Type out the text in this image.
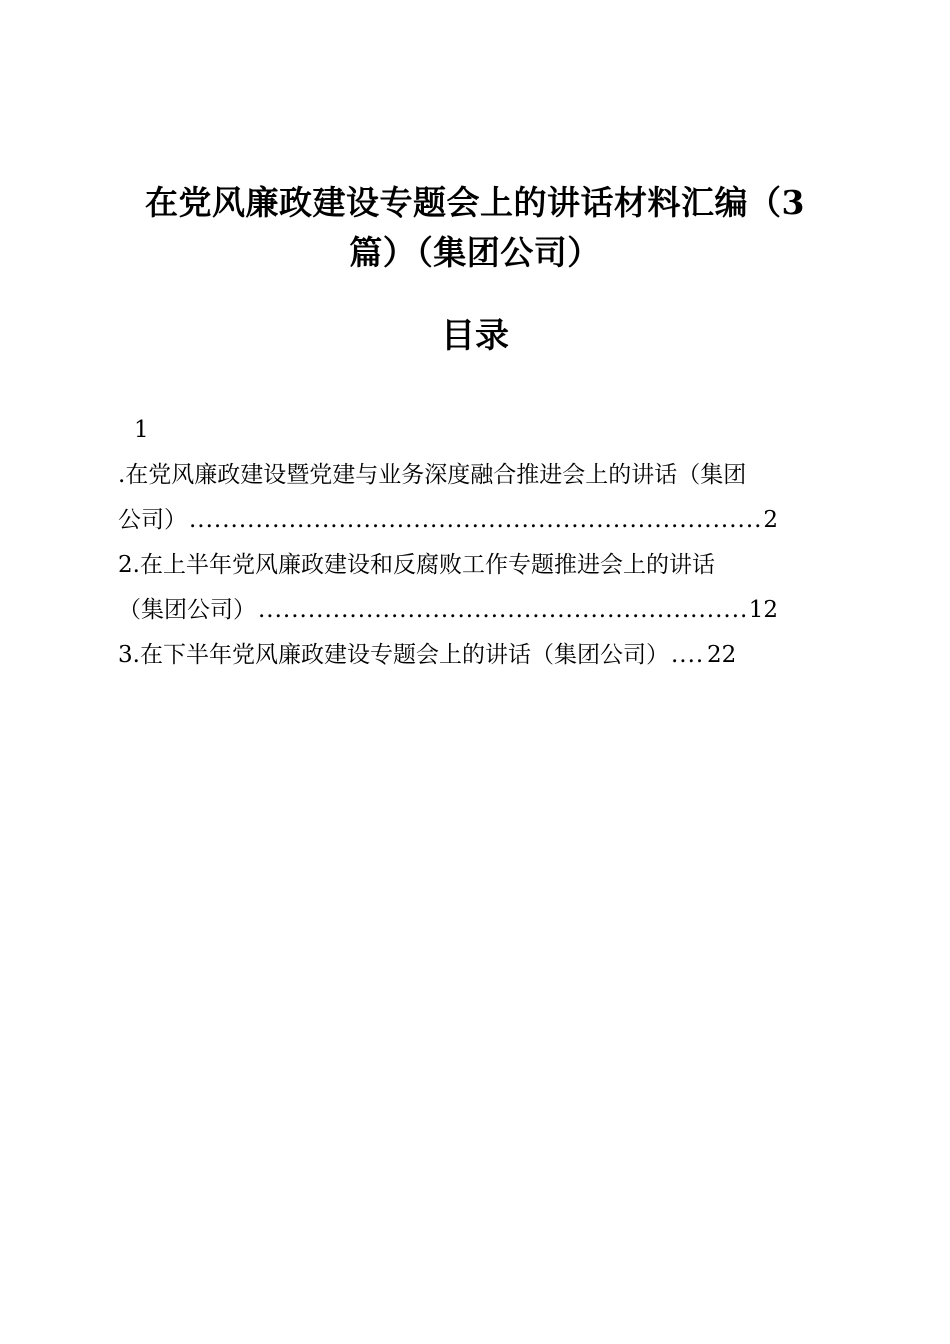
在党风廉政建设专题会上的讲话材料汇编（3
篇）（集团公司）
目录
1
.在党风廉政建设暨党建与业务深度融合推进会上的讲话（集团
公司） .....	2
2. 在上半年党风廉政建设和反腐败工作专题推进会上的讲话
（集团公司） .....	12
3. 在下半年党风廉政建设专题会上的讲话（集团公司） ..... 22
